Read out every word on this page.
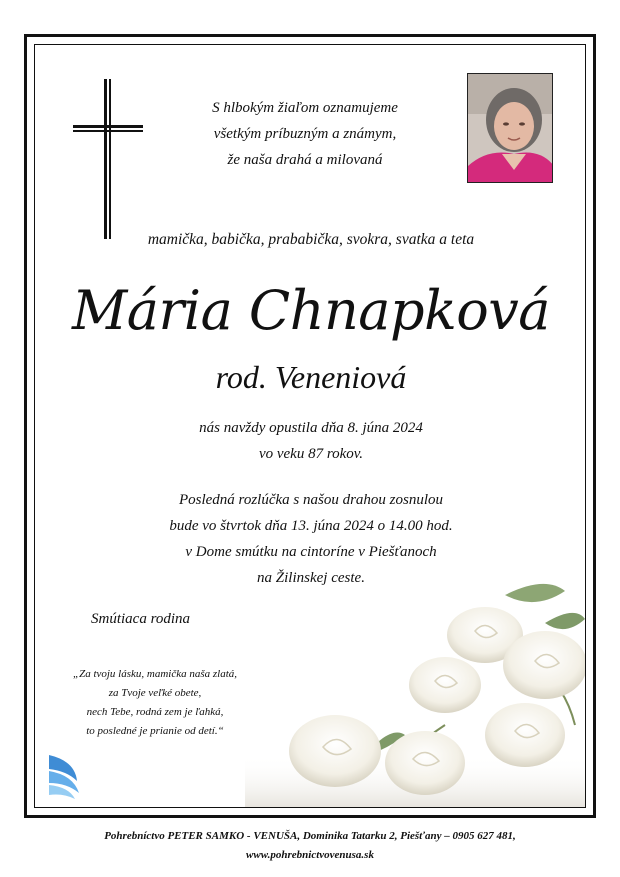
S hlbokým žiaľom oznamujeme
všetkým príbuzným a známym,
že naša drahá a milovaná
mamička, babička, prababička, svokra, svatka a teta
Mária Chnapková
rod. Veneniová
nás navždy opustila dňa 8. júna 2024
vo veku 87 rokov.
Posledná rozlúčka s našou drahou zosnulou
bude vo štvrtok dňa 13. júna 2024 o 14.00 hod.
v Dome smútku na cintoríne v Piešťanoch
na Žilinskej ceste.
Smútiaca rodina
„Za tvoju lásku, mamička naša zlatá,
za Tvoje veľké obete,
nech Tebe, rodná zem je ľahká,
to posledné je prianie od detí.“
Pohrebníctvo PETER SAMKO - VENUŠA, Dominika Tatarku 2, Piešťany – 0905 627 481,
www.pohrebnictvovenusa.sk
